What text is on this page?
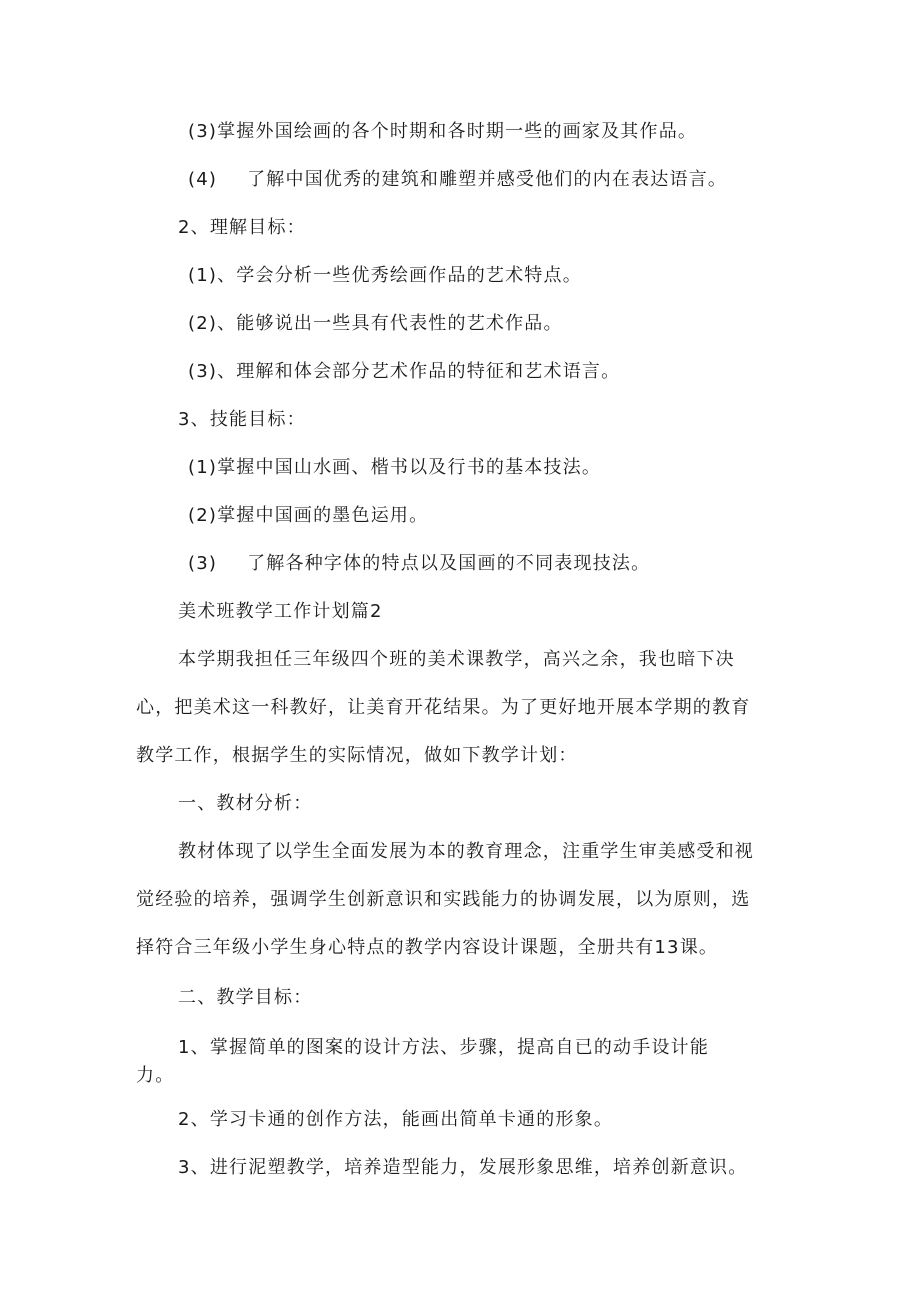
(3)掌握外国绘画的各个时期和各时期一些的画家及其作品。
(4) 了解中国优秀的建筑和雕塑并感受他们的内在表达语言。
2、理解目标：
(1)、学会分析一些优秀绘画作品的艺术特点。
(2)、能够说出一些具有代表性的艺术作品。
(3)、理解和体会部分艺术作品的特征和艺术语言。
3、技能目标：
(1)掌握中国山水画、楷书以及行书的基本技法。
(2)掌握中国画的墨色运用。
(3) 了解各种字体的特点以及国画的不同表现技法。
美术班教学工作计划篇2
本学期我担任三年级四个班的美术课教学，高兴之余，我也暗下决
心，把美术这一科教好，让美育开花结果。为了更好地开展本学期的教育
教学工作，根据学生的实际情况，做如下教学计划：
一、教材分析：
教材体现了以学生全面发展为本的教育理念，注重学生审美感受和视
觉经验的培养，强调学生创新意识和实践能力的协调发展，以为原则，选
择符合三年级小学生身心特点的教学内容设计课题，全册共有13课。
二、教学目标：
1、掌握简单的图案的设计方法、步骤，提高自已的动手设计能
力。
2、学习卡通的创作方法，能画出简单卡通的形象。
3、进行泥塑教学，培养造型能力，发展形象思维，培养创新意识。
